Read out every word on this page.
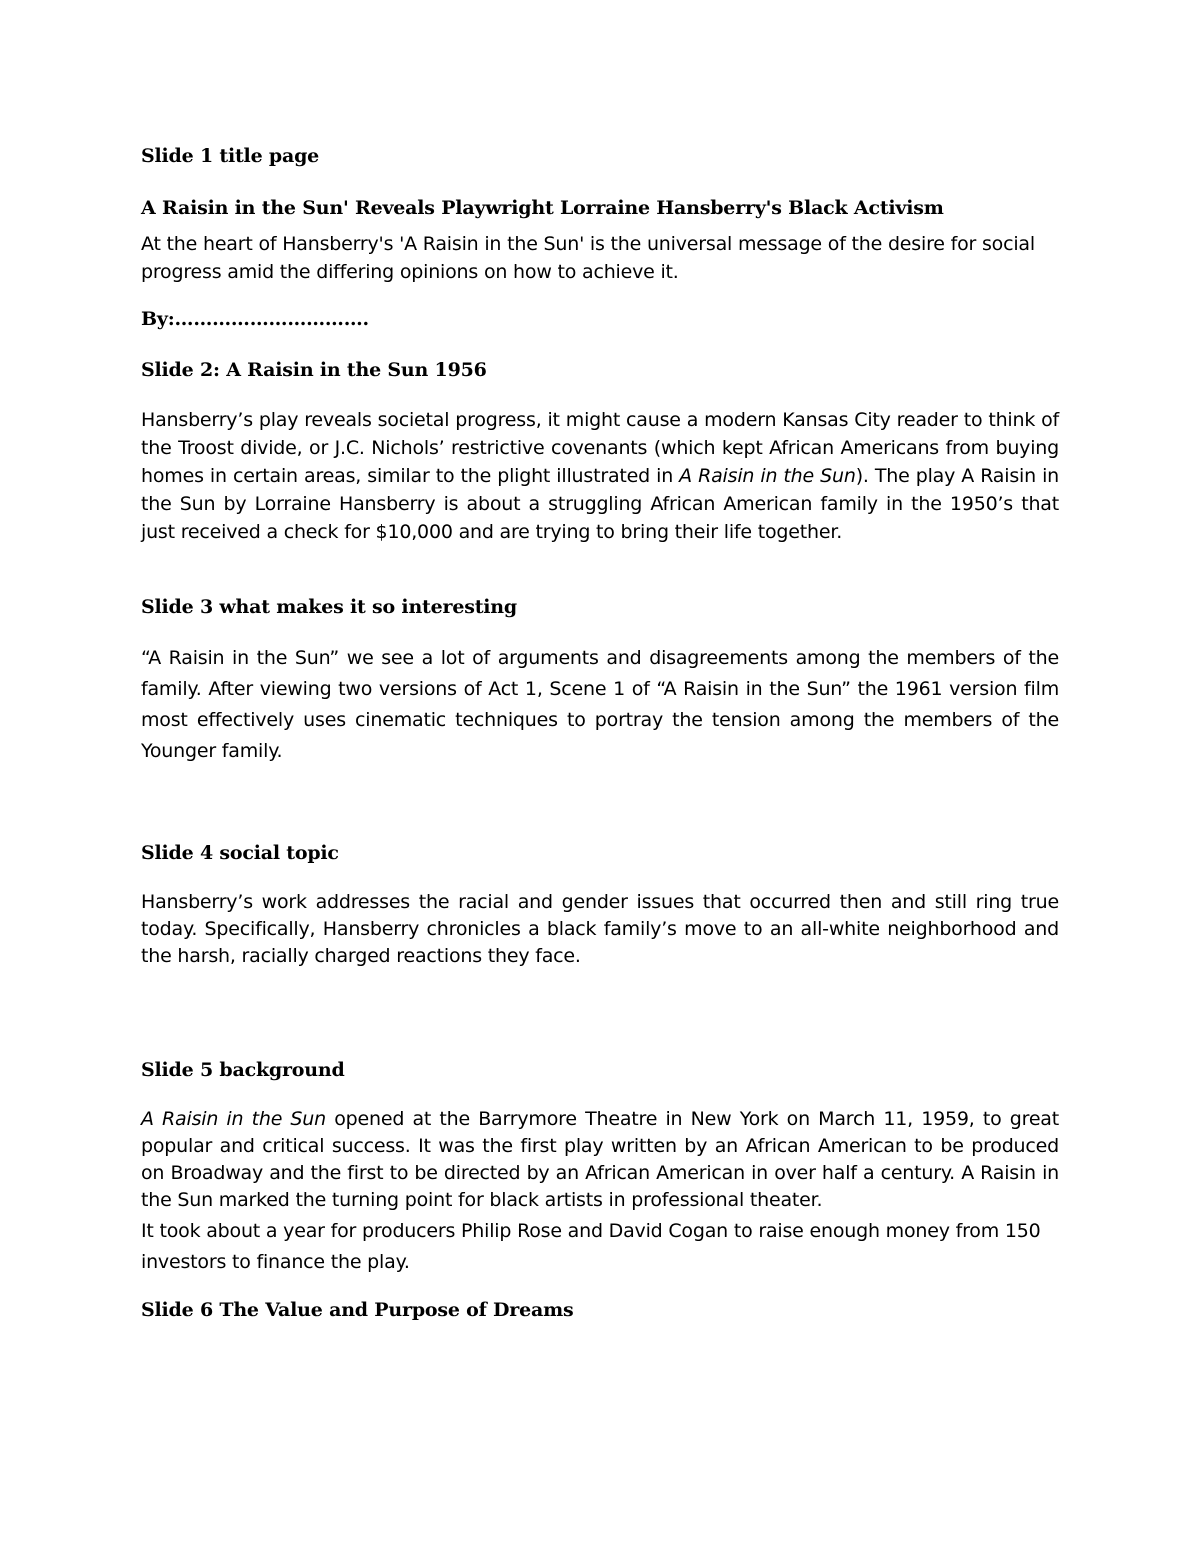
Slide 1 title page
A Raisin in the Sun' Reveals Playwright Lorraine Hansberry's Black Activism
At the heart of Hansberry's 'A Raisin in the Sun' is the universal message of the desire for social progress amid the differing opinions on how to achieve it.
By:………………………….
Slide 2: A Raisin in the Sun 1956
Hansberry’s play reveals societal progress, it might cause a modern Kansas City reader to think of the Troost divide, or J.C. Nichols’ restrictive covenants (which kept African Americans from buying homes in certain areas, similar to the plight illustrated in A Raisin in the Sun). The play A Raisin in the Sun by Lorraine Hansberry is about a struggling African American family in the 1950’s that just received a check for $10,000 and are trying to bring their life together.
Slide 3 what makes it so interesting
“A Raisin in the Sun” we see a lot of arguments and disagreements among the members of the family. After viewing two versions of Act 1, Scene 1 of “A Raisin in the Sun” the 1961 version film most effectively uses cinematic techniques to portray the tension among the members of the Younger family.
Slide 4 social topic
Hansberry’s work addresses the racial and gender issues that occurred then and still ring true today. Specifically, Hansberry chronicles a black family’s move to an all-white neighborhood and the harsh, racially charged reactions they face.
Slide 5 background
A Raisin in the Sun opened at the Barrymore Theatre in New York on March 11, 1959, to great popular and critical success. It was the first play written by an African American to be produced on Broadway and the first to be directed by an African American in over half a century. A Raisin in the Sun marked the turning point for black artists in professional theater.
It took about a year for producers Philip Rose and David Cogan to raise enough money from 150 investors to finance the play.
Slide 6 The Value and Purpose of Dreams
